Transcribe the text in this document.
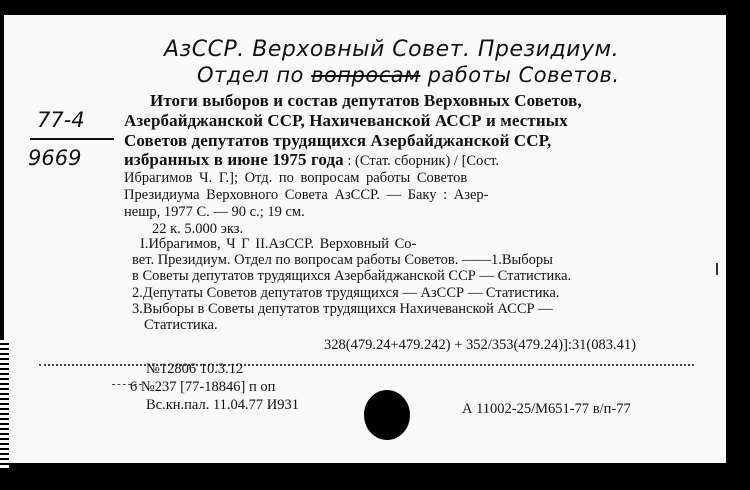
АзССР. Верховный Совет. Президиум.
Отдел по вопросам работы Советов.
77-4
9669
Итоги выборов и состав депутатов Верховных Советов,
Азербайджанской ССР, Нахичеванской АССР и местных
Советов депутатов трудящихся Азербайджанской ССР,
избранных в июне 1975 года : (Стат. сборник) / [Сост.
Ибрагимов Ч. Г.]; Отд. по вопросам работы Советов
Президиума Верховного Совета АзССР. — Баку : Азер-
нешр, 1977 С. — 90 с.; 19 см.
22 к. 5.000 экз.
I.Ибрагимов, Ч Г II.АзССР. Верховный Со-
вет. Президиум. Отдел по вопросам работы Советов. ——1.Выборы
в Советы депутатов трудящихся Азербайджанской ССР — Статистика.
2.Депутаты Советов депутатов трудящихся — АзССР — Статистика.
3.Выборы в Советы депутатов трудящихся Нахичеванской АССР —
Статистика.
328(479.24+479.242) + 352/353(479.24)]:31(083.41)
№12806 10.3.12
6 №237 [77-18846] п оп
Вс.кн.пал. 11.04.77 И931	А 11002-25/М651-77 в/п-77
